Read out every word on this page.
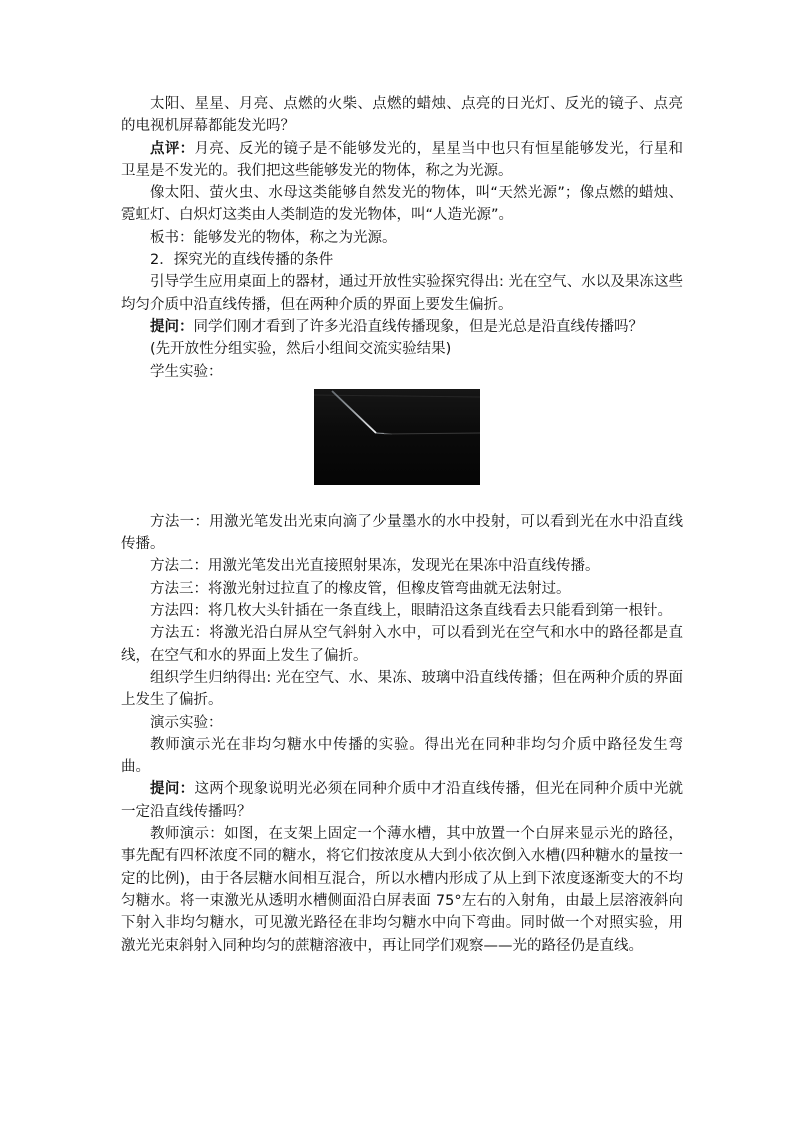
太阳、星星、月亮、点燃的火柴、点燃的蜡烛、点亮的日光灯、反光的镜子、点亮的电视机屏幕都能发光吗？

点评：月亮、反光的镜子是不能够发光的，星星当中也只有恒星能够发光，行星和卫星是不发光的。我们把这些能够发光的物体，称之为光源。

像太阳、萤火虫、水母这类能够自然发光的物体，叫“天然光源”；像点燃的蜡烛、霓虹灯、白炽灯这类由人类制造的发光物体，叫“人造光源”。

板书：能够发光的物体，称之为光源。

2．探究光的直线传播的条件

引导学生应用桌面上的器材，通过开放性实验探究得出: 光在空气、水以及果冻这些均匀介质中沿直线传播，但在两种介质的界面上要发生偏折。

提问：同学们刚才看到了许多光沿直线传播现象，但是光总是沿直线传播吗？

(先开放性分组实验，然后小组间交流实验结果)

学生实验：

方法一：用激光笔发出光束向滴了少量墨水的水中投射，可以看到光在水中沿直线传播。

方法二：用激光笔发出光直接照射果冻，发现光在果冻中沿直线传播。

方法三：将激光射过拉直了的橡皮管，但橡皮管弯曲就无法射过。

方法四：将几枚大头针插在一条直线上，眼睛沿这条直线看去只能看到第一根针。

方法五：将激光沿白屏从空气斜射入水中，可以看到光在空气和水中的路径都是直线，在空气和水的界面上发生了偏折。

组织学生归纳得出: 光在空气、水、果冻、玻璃中沿直线传播；但在两种介质的界面上发生了偏折。

演示实验：

教师演示光在非均匀糖水中传播的实验。得出光在同种非均匀介质中路径发生弯曲。

提问：这两个现象说明光必须在同种介质中才沿直线传播，但光在同种介质中光就一定沿直线传播吗？

教师演示：如图，在支架上固定一个薄水槽，其中放置一个白屏来显示光的路径，事先配有四杯浓度不同的糖水，将它们按浓度从大到小依次倒入水槽(四种糖水的量按一定的比例)，由于各层糖水间相互混合，所以水槽内形成了从上到下浓度逐渐变大的不均匀糖水。将一束激光从透明水槽侧面沿白屏表面 75°左右的入射角，由最上层溶液斜向下射入非均匀糖水，可见激光路径在非均匀糖水中向下弯曲。同时做一个对照实验，用激光光束斜射入同种均匀的蔗糖溶液中，再让同学们观察——光的路径仍是直线。
